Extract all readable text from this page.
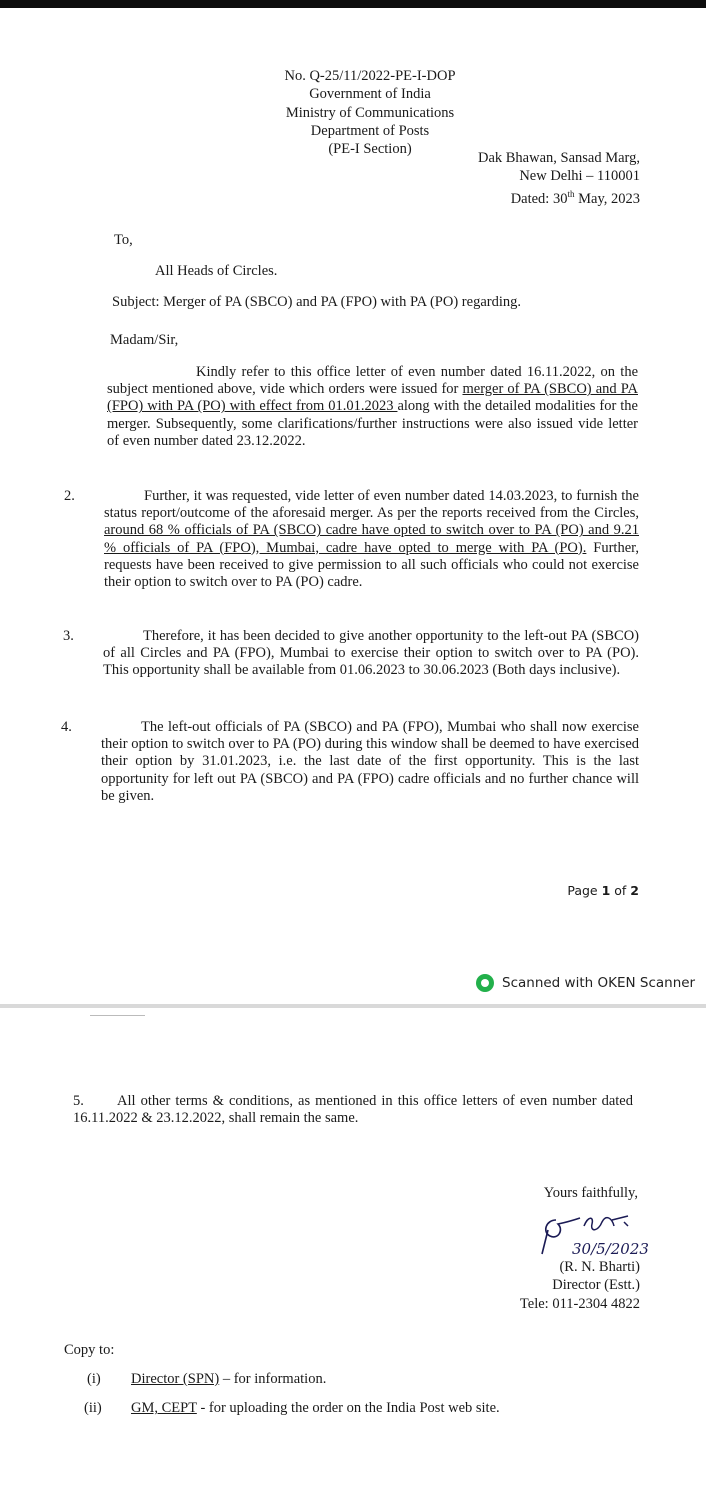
No. Q-25/11/2022-PE-I-DOP
Government of India
Ministry of Communications
Department of Posts
(PE-I Section)
Dak Bhawan, Sansad Marg,
New Delhi – 110001
Dated: 30th May, 2023
To,
All Heads of Circles.
Subject: Merger of PA (SBCO) and PA (FPO) with PA (PO) regarding.
Madam/Sir,
Kindly refer to this office letter of even number dated 16.11.2022, on the subject mentioned above, vide which orders were issued for merger of PA (SBCO) and PA (FPO) with PA (PO) with effect from 01.01.2023 along with the detailed modalities for the merger. Subsequently, some clarifications/further instructions were also issued vide letter of even number dated 23.12.2022.
2.	Further, it was requested, vide letter of even number dated 14.03.2023, to furnish the status report/outcome of the aforesaid merger. As per the reports received from the Circles, around 68 % officials of PA (SBCO) cadre have opted to switch over to PA (PO) and 9.21 % officials of PA (FPO), Mumbai, cadre have opted to merge with PA (PO). Further, requests have been received to give permission to all such officials who could not exercise their option to switch over to PA (PO) cadre.
3.	Therefore, it has been decided to give another opportunity to the left-out PA (SBCO) of all Circles and PA (FPO), Mumbai to exercise their option to switch over to PA (PO). This opportunity shall be available from 01.06.2023 to 30.06.2023 (Both days inclusive).
4.	The left-out officials of PA (SBCO) and PA (FPO), Mumbai who shall now exercise their option to switch over to PA (PO) during this window shall be deemed to have exercised their option by 31.01.2023, i.e. the last date of the first opportunity. This is the last opportunity for left out PA (SBCO) and PA (FPO) cadre officials and no further chance will be given.
Page 1 of 2
Scanned with OKEN Scanner
5. All other terms & conditions, as mentioned in this office letters of even number dated 16.11.2022 & 23.12.2022, shall remain the same.
Yours faithfully,
30/5/2023
(R. N. Bharti)
Director (Estt.)
Tele: 011-2304 4822
Copy to:
(i) Director (SPN) – for information.
(ii) GM, CEPT - for uploading the order on the India Post web site.
